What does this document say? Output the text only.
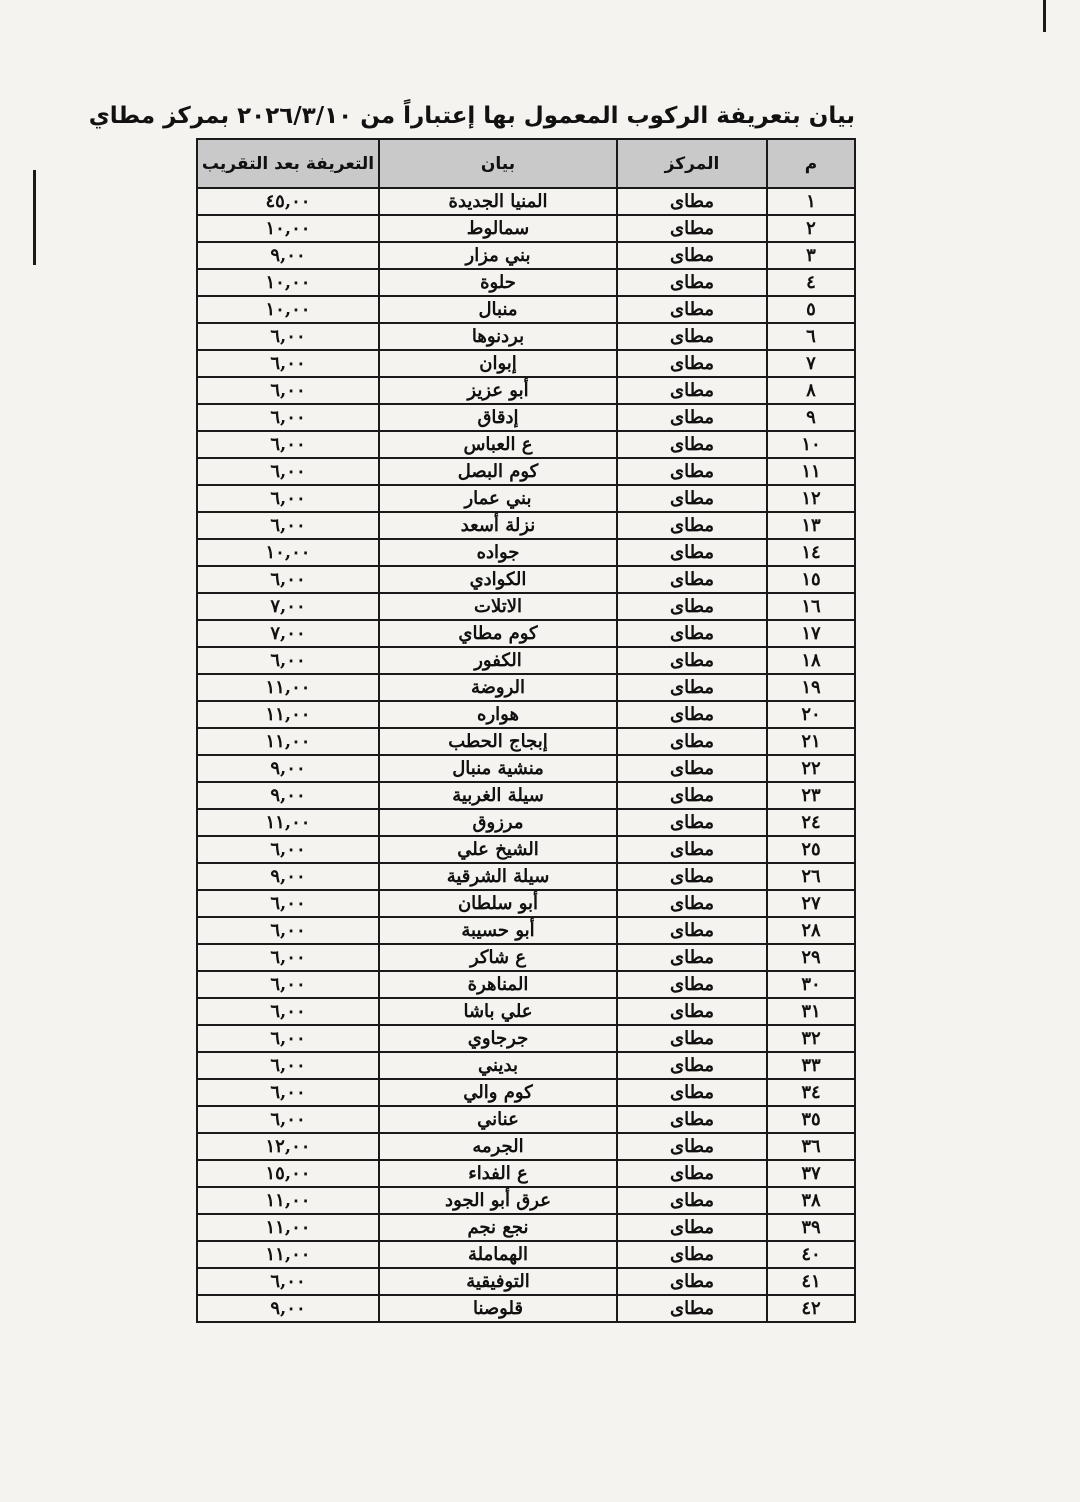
بيان بتعريفة الركوب المعمول بها إعتباراً من ٢٠٢٦/٣/١٠ بمركز مطاي
م	المركز	بيان	التعريفة بعد التقريب
١	مطاى	المنيا الجديدة	٤٥,٠٠
٢	مطاى	سمالوط	١٠,٠٠
٣	مطاى	بني مزار	٩,٠٠
٤	مطاى	حلوة	١٠,٠٠
٥	مطاى	منبال	١٠,٠٠
٦	مطاى	بردنوها	٦,٠٠
٧	مطاى	إبوان	٦,٠٠
٨	مطاى	أبو عزيز	٦,٠٠
٩	مطاى	إدقاق	٦,٠٠
١٠	مطاى	ع العباس	٦,٠٠
١١	مطاى	كوم البصل	٦,٠٠
١٢	مطاى	بني عمار	٦,٠٠
١٣	مطاى	نزلة أسعد	٦,٠٠
١٤	مطاى	جواده	١٠,٠٠
١٥	مطاى	الكوادي	٦,٠٠
١٦	مطاى	الاتلات	٧,٠٠
١٧	مطاى	كوم مطاي	٧,٠٠
١٨	مطاى	الكفور	٦,٠٠
١٩	مطاى	الروضة	١١,٠٠
٢٠	مطاى	هواره	١١,٠٠
٢١	مطاى	إبجاج الحطب	١١,٠٠
٢٢	مطاى	منشية منبال	٩,٠٠
٢٣	مطاى	سيلة الغربية	٩,٠٠
٢٤	مطاى	مرزوق	١١,٠٠
٢٥	مطاى	الشيخ علي	٦,٠٠
٢٦	مطاى	سيلة الشرقية	٩,٠٠
٢٧	مطاى	أبو سلطان	٦,٠٠
٢٨	مطاى	أبو حسيبة	٦,٠٠
٢٩	مطاى	ع شاكر	٦,٠٠
٣٠	مطاى	المناهرة	٦,٠٠
٣١	مطاى	علي باشا	٦,٠٠
٣٢	مطاى	جرجاوي	٦,٠٠
٣٣	مطاى	بديني	٦,٠٠
٣٤	مطاى	كوم والي	٦,٠٠
٣٥	مطاى	عناني	٦,٠٠
٣٦	مطاى	الجرمه	١٢,٠٠
٣٧	مطاى	ع الفداء	١٥,٠٠
٣٨	مطاى	عرق أبو الجود	١١,٠٠
٣٩	مطاى	نجع نجم	١١,٠٠
٤٠	مطاى	الهماملة	١١,٠٠
٤١	مطاى	التوفيقية	٦,٠٠
٤٢	مطاى	قلوصنا	٩,٠٠
